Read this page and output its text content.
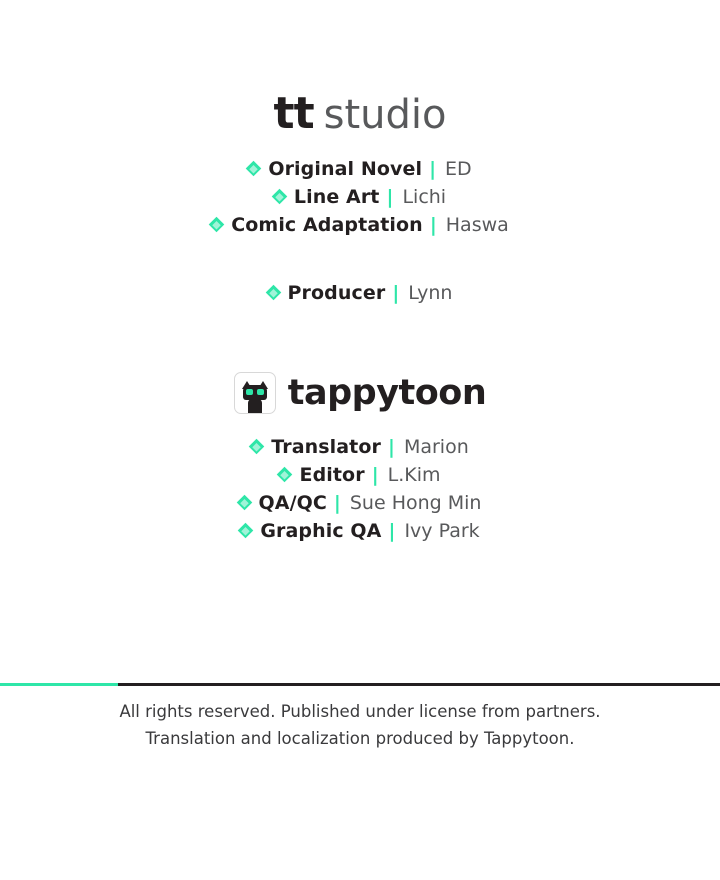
tt studio
Original Novel | ED
Line Art | Lichi
Comic Adaptation | Haswa
Producer | Lynn
tappytoon
Translator | Marion
Editor | L.Kim
QA/QC | Sue Hong Min
Graphic QA | Ivy Park
All rights reserved. Published under license from partners.
Translation and localization produced by Tappytoon.
